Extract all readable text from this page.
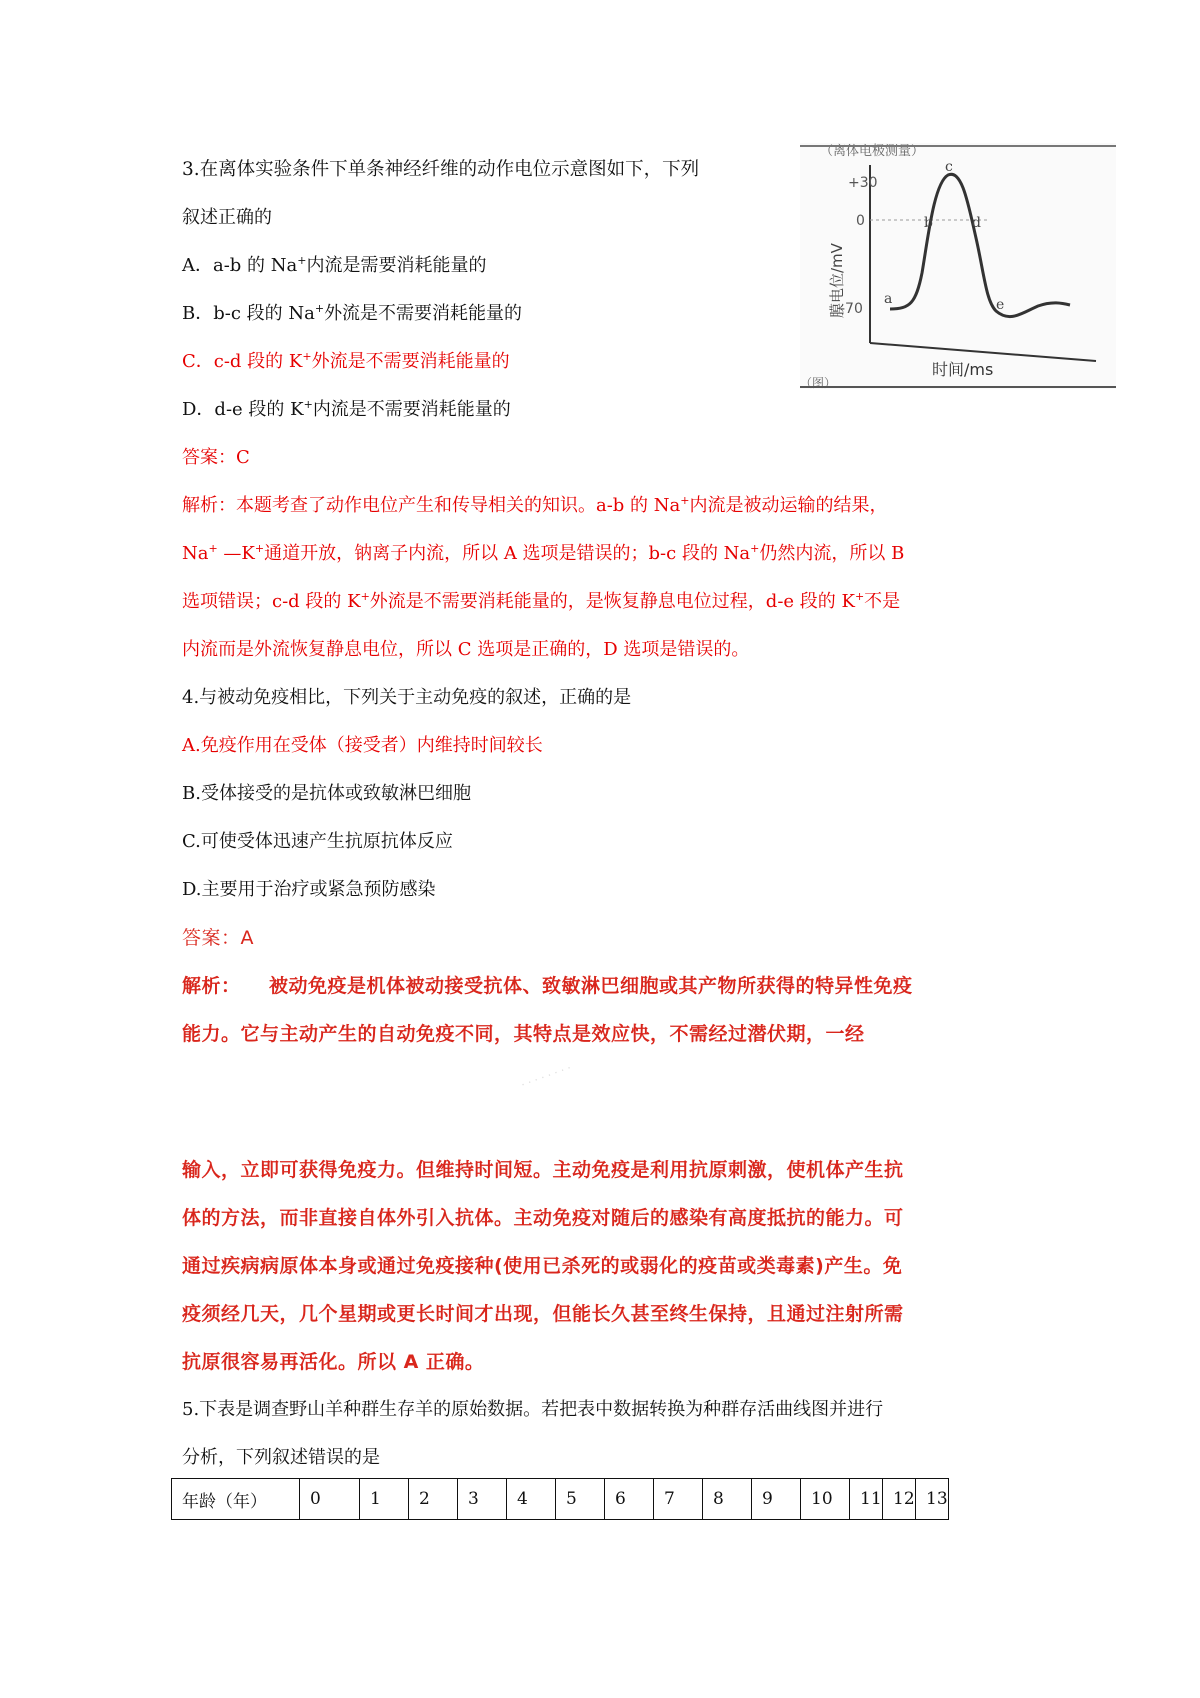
3.在离体实验条件下单条神经纤维的动作电位示意图如下，下列
叙述正确的
A．a-b 的 Na+内流是需要消耗能量的
B．b-c 段的 Na+外流是不需要消耗能量的
C．c-d 段的 K+外流是不需要消耗能量的
D．d-e 段的 K+内流是不需要消耗能量的
答案：C
解析：本题考查了动作电位产生和传导相关的知识。a-b 的 Na+内流是被动运输的结果，
Na+ —K+通道开放，钠离子内流，所以 A 选项是错误的；b-c 段的 Na+仍然内流，所以 B
选项错误；c-d 段的 K+外流是不需要消耗能量的，是恢复静息电位过程，d-e 段的 K+不是
内流而是外流恢复静息电位，所以 C 选项是正确的，D 选项是错误的。
（离体电极测量）
膜电位/mV
+30
0
-70
a
b
c
d
e
时间/ms
（图）
4.与被动免疫相比，下列关于主动免疫的叙述，正确的是
A.免疫作用在受体（接受者）内维持时间较长
B.受体接受的是抗体或致敏淋巴细胞
C.可使受体迅速产生抗原抗体反应
D.主要用于治疗或紧急预防感染
答案：A
解析：    被动免疫是机体被动接受抗体、致敏淋巴细胞或其产物所获得的特异性免疫
能力。它与主动产生的自动免疫不同，其特点是效应快，不需经过潜伏期，一经
· · · · · · · ·
输入，立即可获得免疫力。但维持时间短。主动免疫是利用抗原刺激，使机体产生抗
体的方法，而非直接自体外引入抗体。主动免疫对随后的感染有高度抵抗的能力。可
通过疾病病原体本身或通过免疫接种(使用已杀死的或弱化的疫苗或类毒素)产生。免
疫须经几天，几个星期或更长时间才出现，但能长久甚至终生保持，且通过注射所需
抗原很容易再活化。所以 A 正确。
5.下表是调查野山羊种群生存羊的原始数据。若把表中数据转换为种群存活曲线图并进行
分析，下列叙述错误的是
年龄（年）	0	1	2	3	4	5	6	7	8	9	10	11	12	13
